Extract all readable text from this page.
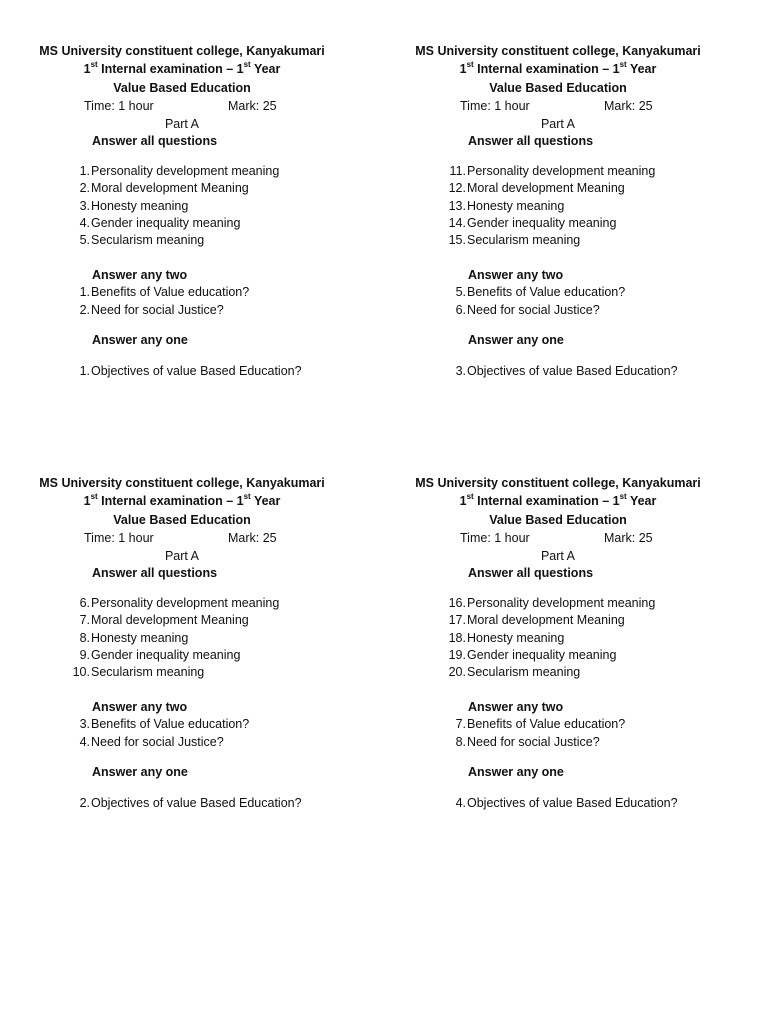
MS University constituent college, Kanyakumari
1st Internal examination – 1st Year
Value Based Education
Time: 1 hour	Mark: 25
Part A
Answer all questions
1. Personality development meaning
2. Moral development Meaning
3. Honesty meaning
4. Gender inequality meaning
5. Secularism meaning
Answer any two
1. Benefits of Value education?
2. Need for social Justice?
Answer any one
1. Objectives of value Based Education?
MS University constituent college, Kanyakumari
1st Internal examination – 1st Year
Value Based Education
Time: 1 hour	Mark: 25
Part A
Answer all questions
11. Personality development meaning
12. Moral development Meaning
13. Honesty meaning
14. Gender inequality meaning
15. Secularism meaning
Answer any two
5. Benefits of Value education?
6. Need for social Justice?
Answer any one
3. Objectives of value Based Education?
MS University constituent college, Kanyakumari
1st Internal examination – 1st Year
Value Based Education
Time: 1 hour	Mark: 25
Part A
Answer all questions
6. Personality development meaning
7. Moral development Meaning
8. Honesty meaning
9. Gender inequality meaning
10. Secularism meaning
Answer any two
3. Benefits of Value education?
4. Need for social Justice?
Answer any one
2. Objectives of value Based Education?
MS University constituent college, Kanyakumari
1st Internal examination – 1st Year
Value Based Education
Time: 1 hour	Mark: 25
Part A
Answer all questions
16. Personality development meaning
17. Moral development Meaning
18. Honesty meaning
19. Gender inequality meaning
20. Secularism meaning
Answer any two
7. Benefits of Value education?
8. Need for social Justice?
Answer any one
4. Objectives of value Based Education?
